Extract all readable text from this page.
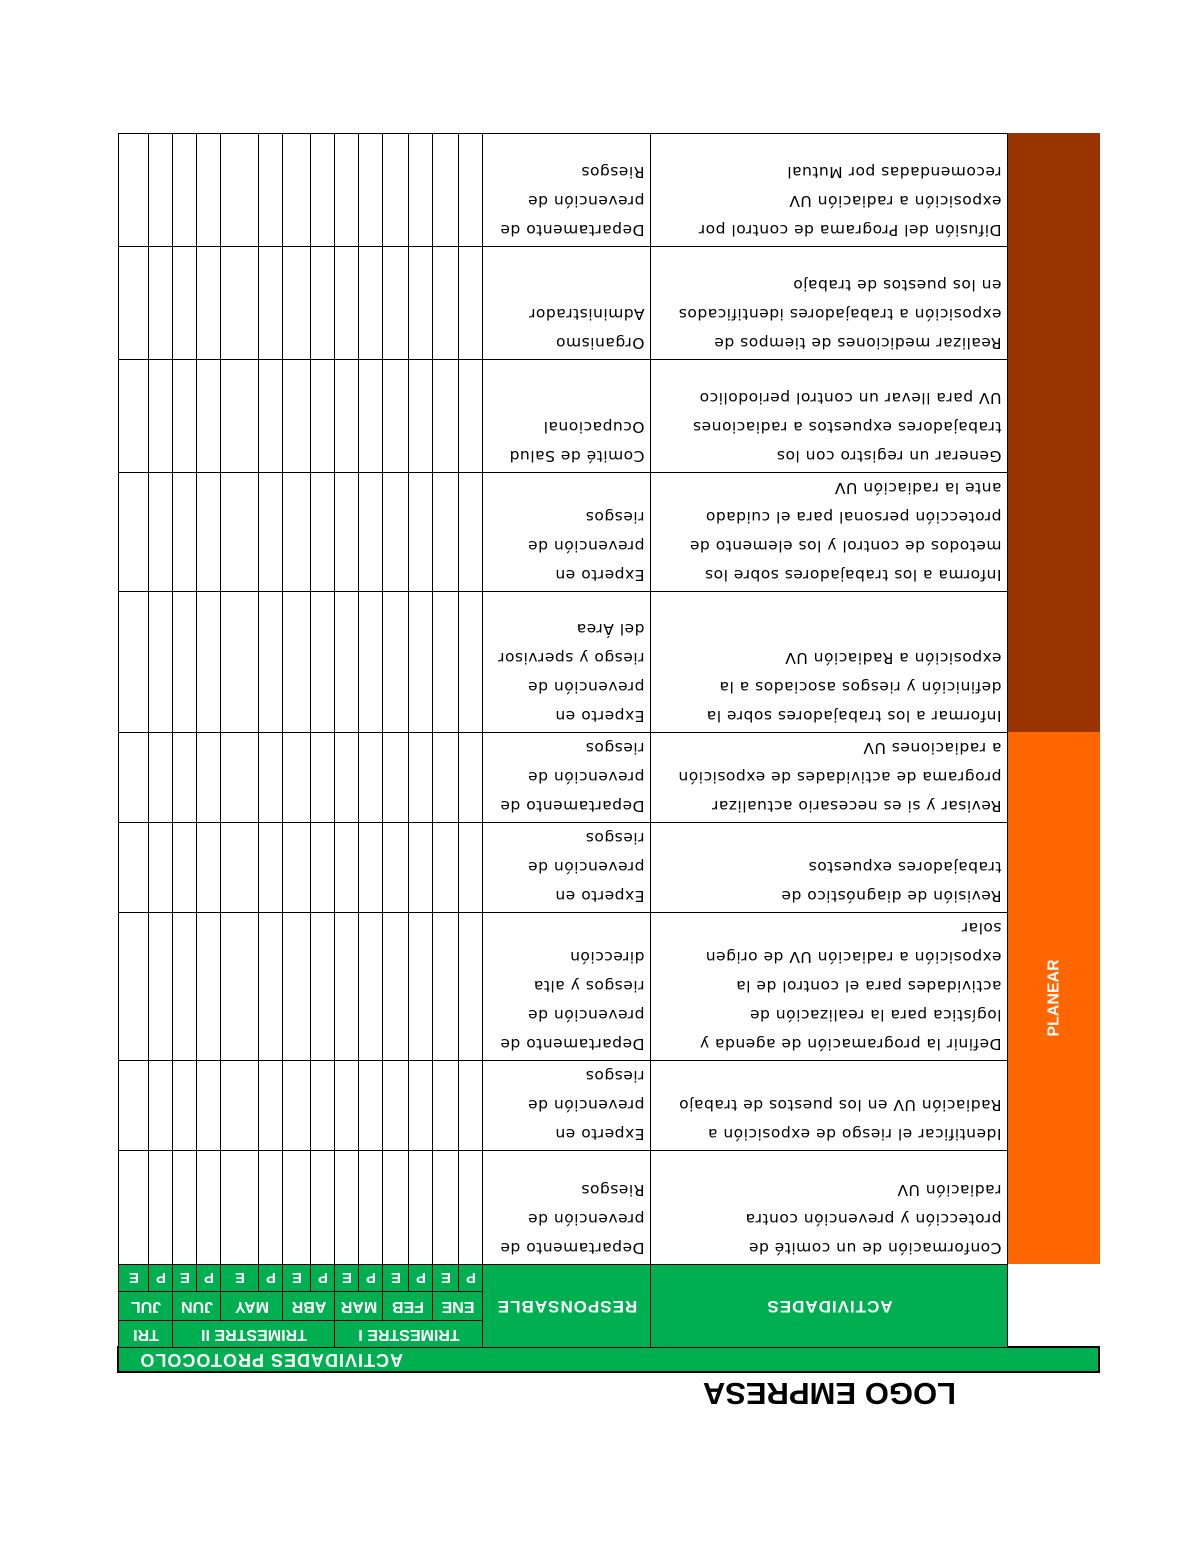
LOGO EMPRESA
ACTIVIDADES PROTOCOLO
	ACTIVIDADES	RESPONSABLE	TRIMESTRE I						TRIMESTRE II						TRI	
			ENE		FEB		MAR		ABR		MAY		JUN		JUL	
			P	E	P	E	P	E	P	E	P	E	P	E	P	E
PLANEAR	Conformación de un comité de
protección y prevención contra
radiación UV	Departamento de
prevención de
Riesgos														
	Identificar el riesgo de exposición a
Radiación UV en los puestos de trabajo	Experto en
prevención de
riesgos														
	Definir la programación de agenda y
logística para la realización de
actividades para el control de la
exposición a radiación UV de origen
solar	Departamento de
prevención de
riesgos y alta
dirección														
	Revisión de diagnóstico de
trabajadores expuestos	Experto en
prevención de
riesgos														
	Revisar y si es necesario actualizar
programa de actividades de exposición
a radiaciones UV	Departamento de
prevención de
riesgos														
	Informar a los trabajadores sobre la
definición y riesgos asociados a la
exposición a Radiación UV	Experto en
prevención de
riesgo y spervisor
del Área														
	Informa a los trabajadores sobre los
metodos de control y los elemento de
protección personal para el cuidado
ante la radiación UV	Experto en
prevención de
riesgos														
	Generar un registro con los
trabajadores expuestos a radiaciones
UV para llevar un control periodolico	Comité de Salud
Ocupacional														
	Realizar mediciones de tiempos de
exposición a trabajadores identificados
en los puestos de trabajo	Organismo
Administrador														
	Difusión del Programa de control por
exposición a radiación UV
recomendadas por Mutual	Departamento de
prevención de
Riesgos														
